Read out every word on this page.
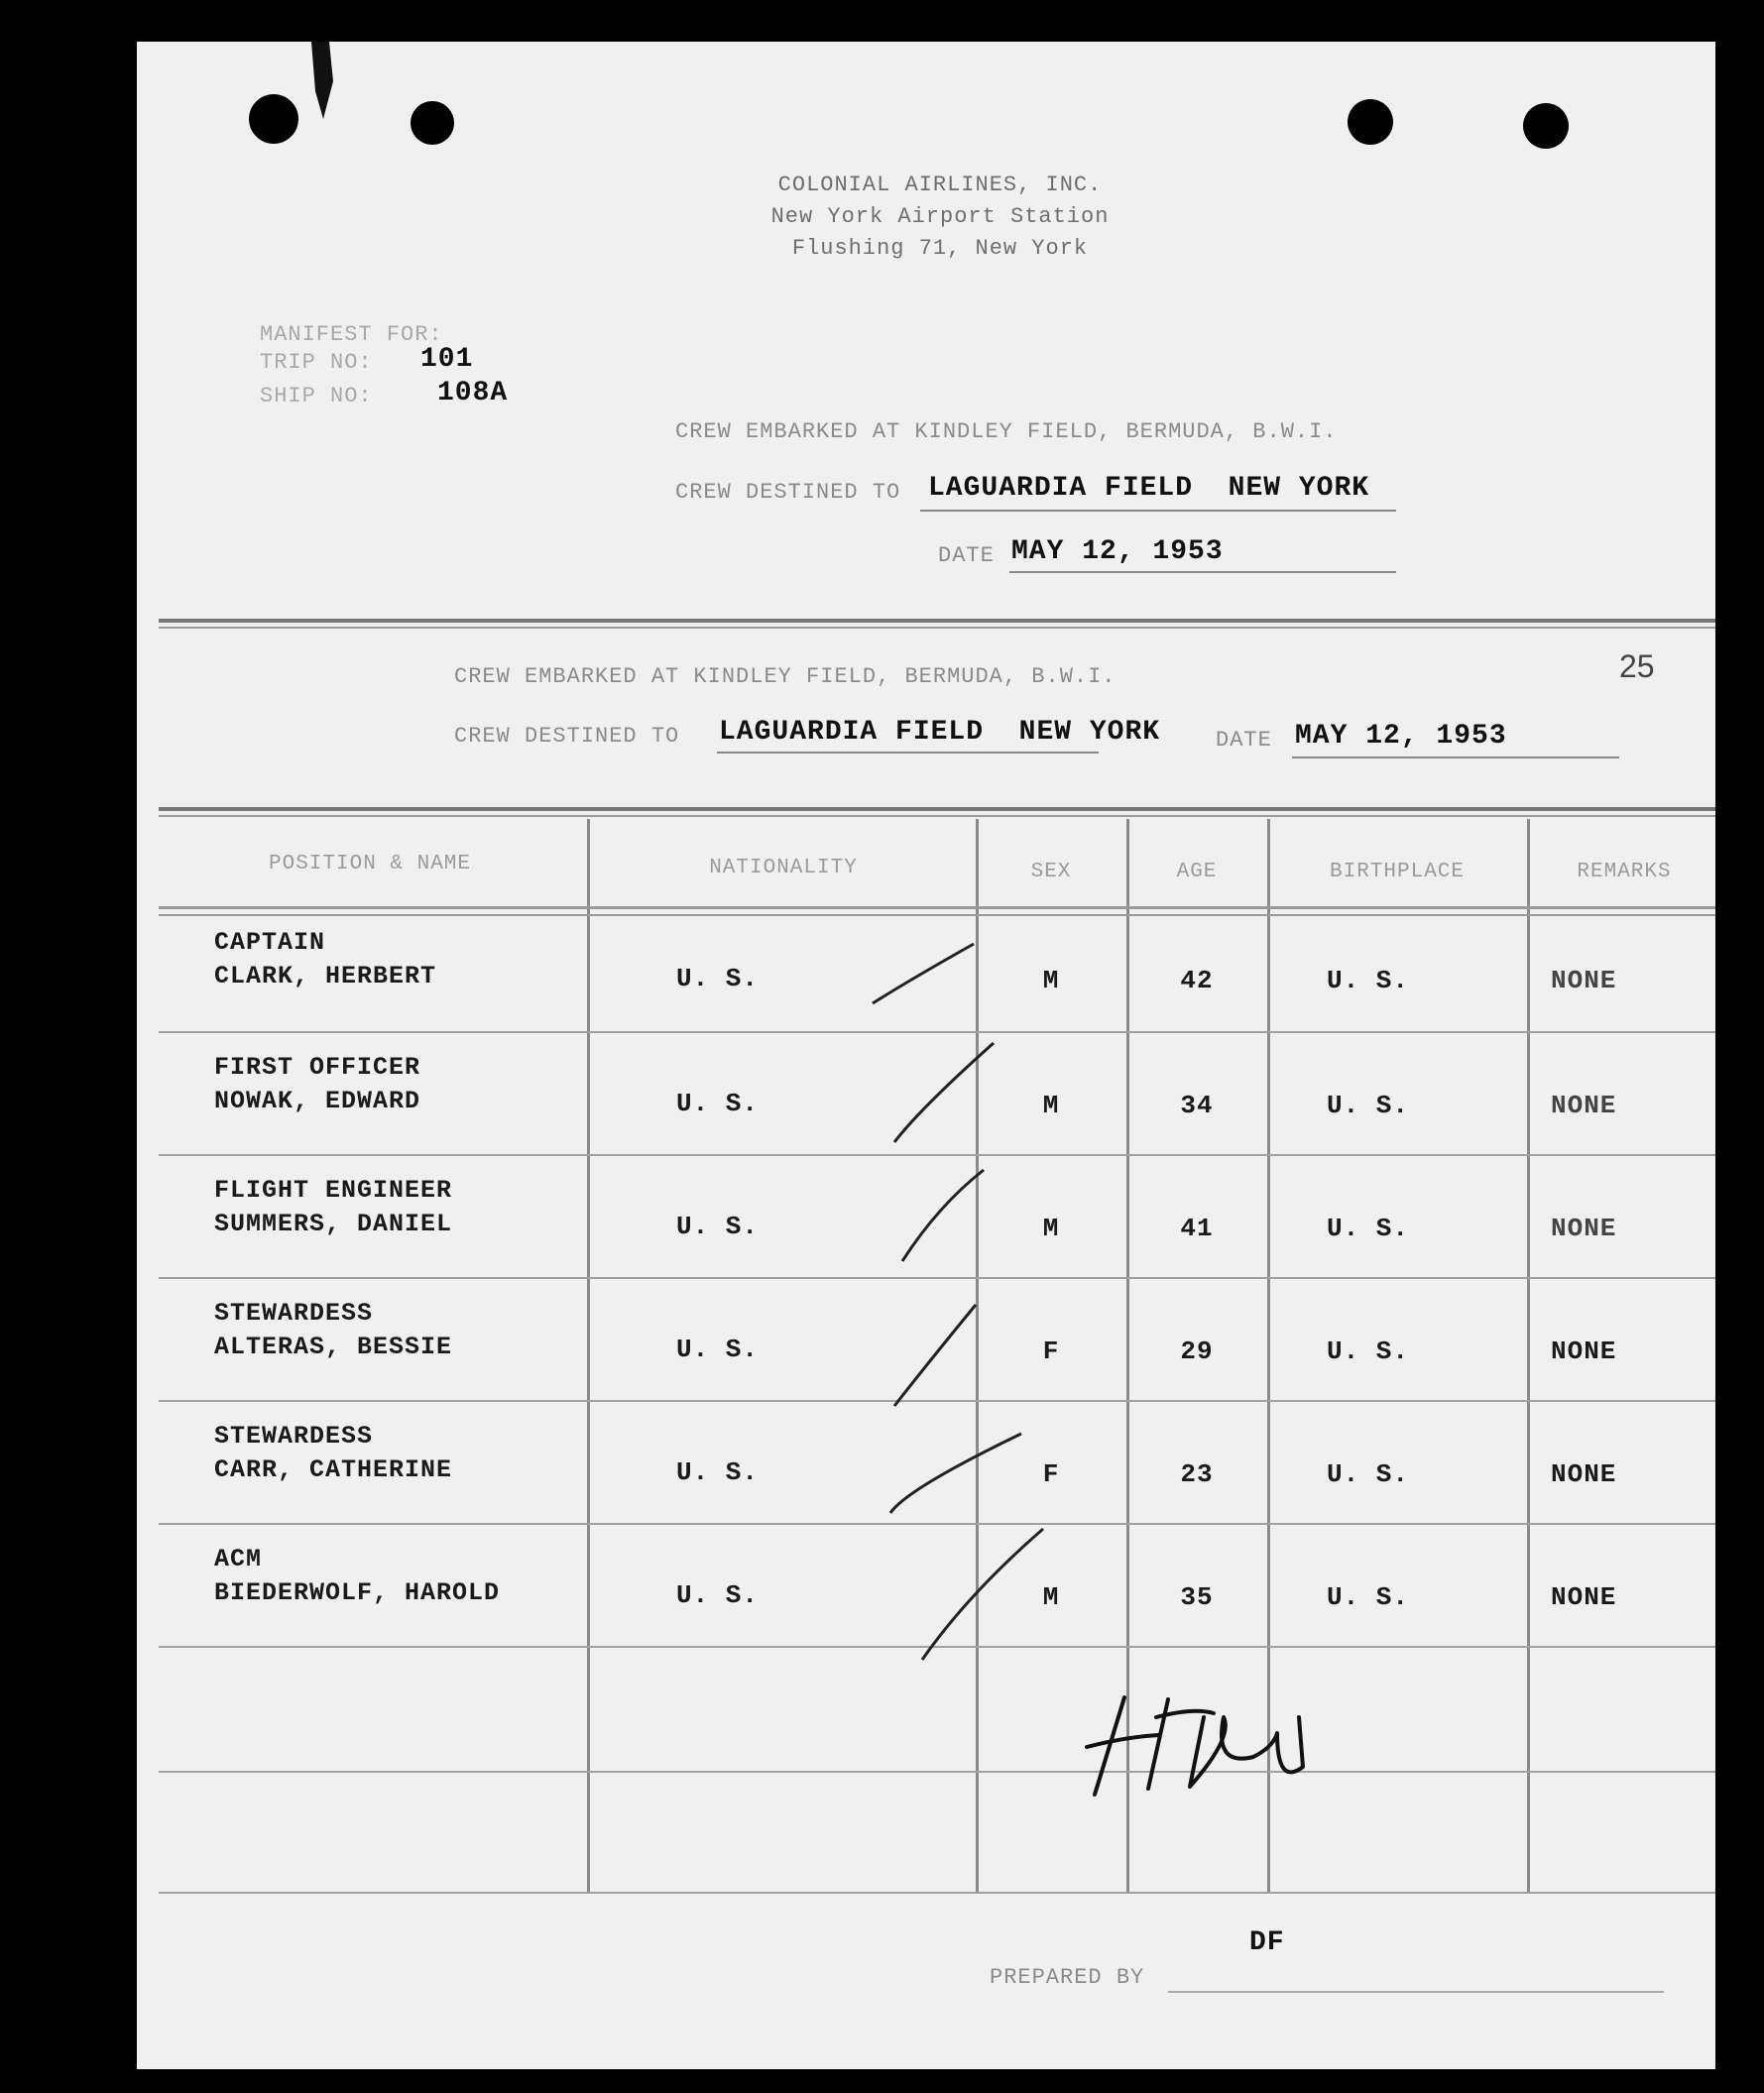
COLONIAL AIRLINES, INC.
New York Airport Station
Flushing 71, New York
MANIFEST FOR:
TRIP NO: 101
SHIP NO: 108A
CREW EMBARKED AT KINDLEY FIELD, BERMUDA, B.W.I.
CREW DESTINED TO LAGUARDIA FIELD  NEW YORK
DATE MAY 12, 1953
25
CREW EMBARKED AT KINDLEY FIELD, BERMUDA, B.W.I.
CREW DESTINED TO LAGUARDIA FIELD  NEW YORK	DATE MAY 12, 1953
POSITION & NAME	NATIONALITY	SEX	AGE	BIRTHPLACE	REMARKS
CAPTAIN
CLARK, HERBERT	U. S.	M	42	U. S.	NONE
FIRST OFFICER
NOWAK, EDWARD	U. S.	M	34	U. S.	NONE
FLIGHT ENGINEER
SUMMERS, DANIEL	U. S.	M	41	U. S.	NONE
STEWARDESS
ALTERAS, BESSIE	U. S.	F	29	U. S.	NONE
STEWARDESS
CARR, CATHERINE	U. S.	F	23	U. S.	NONE
ACM
BIEDERWOLF, HAROLD	U. S.	M	35	U. S.	NONE
PREPARED BY
DF
